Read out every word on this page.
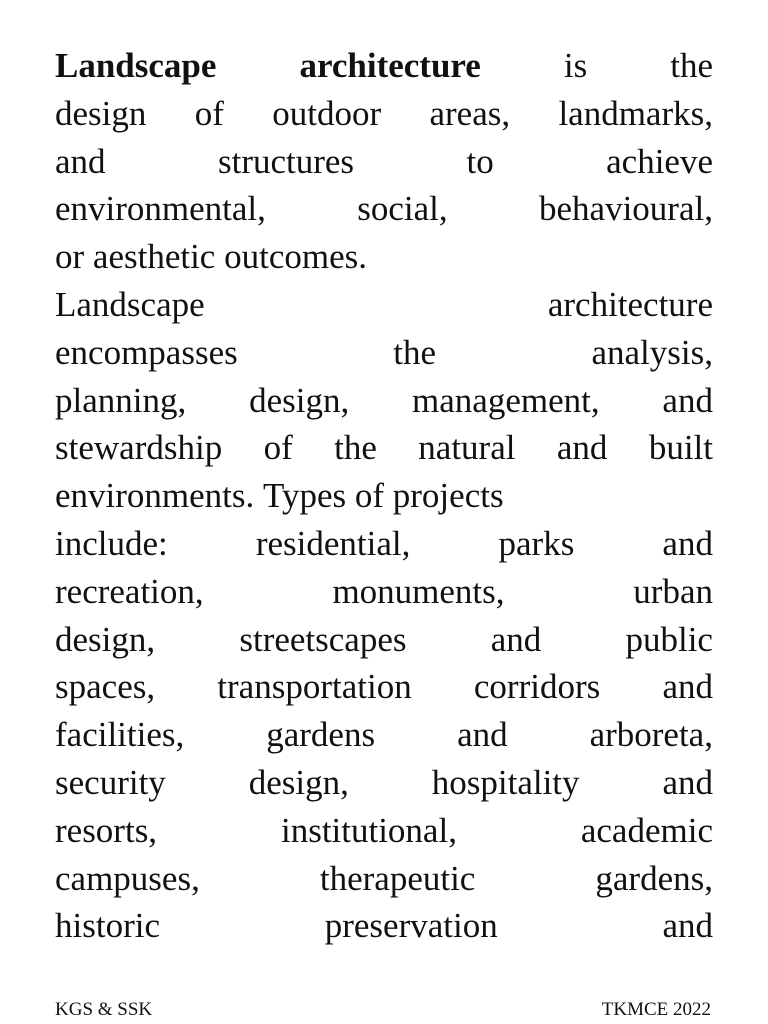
Landscape architecture is the
design of outdoor areas, landmarks,
and	structures	to	achieve
environmental,	social,	behavioural,
or aesthetic outcomes.
Landscape	architecture
encompasses	the	analysis,
planning, design, management, and
stewardship of the natural and built
environments. Types of projects
include:	residential,	parks	and
recreation,	monuments,	urban
design, streetscapes and public
spaces, transportation corridors and
facilities, gardens and arboreta,
security design, hospitality and
resorts,	institutional,	academic
campuses,	therapeutic	gardens,
historic	preservation	and
KGS & SSK	TKMCE 2022
